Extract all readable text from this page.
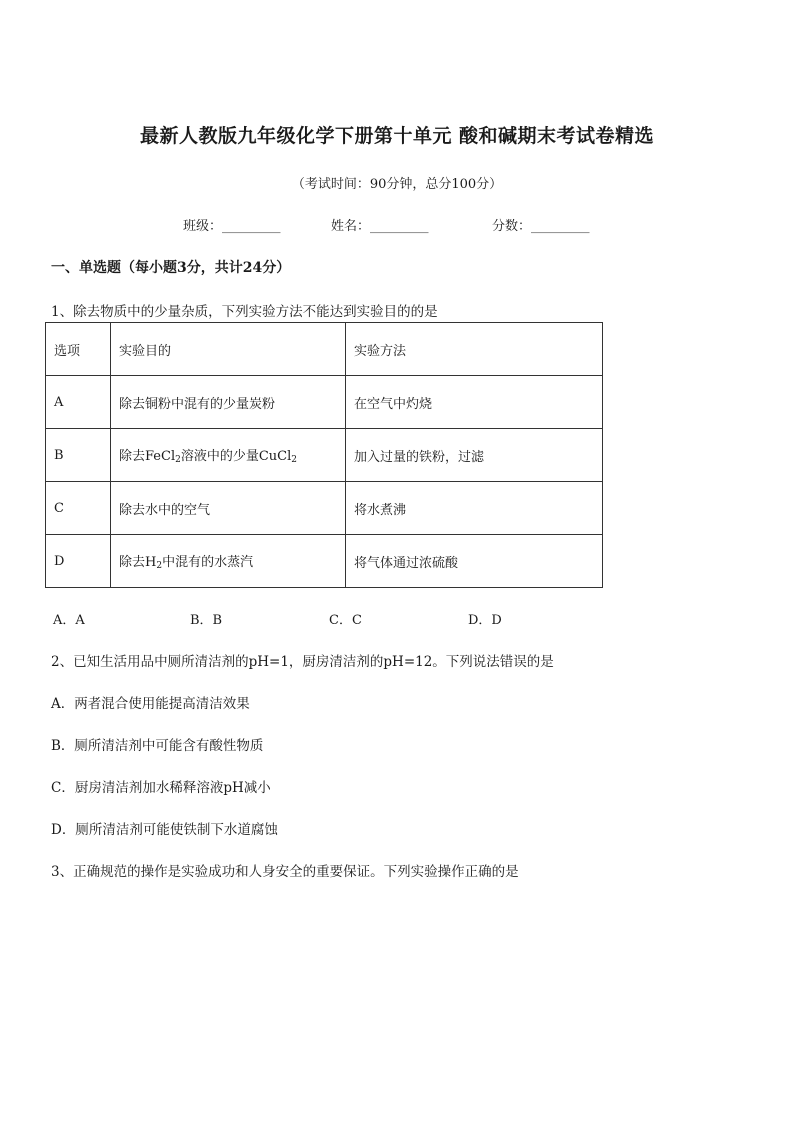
最新人教版九年级化学下册第十单元 酸和碱期末考试卷精选
（考试时间：90分钟，总分100分）
班级：_________	姓名：_________	分数：_________
一、单选题（每小题3分，共计24分）
1、除去物质中的少量杂质，下列实验方法不能达到实验目的的是
选项	实验目的	实验方法
A	除去铜粉中混有的少量炭粉	在空气中灼烧
B	除去FeCl$_2$溶液中的少量CuCl$_2$	加入过量的铁粉，过滤
C	除去水中的空气	将水煮沸
D	除去$H_2$中混有的水蒸汽	将气体通过浓硫酸
A．A	B．B	C．C	D．D
2、已知生活用品中厕所清洁剂的pH=1，厨房清洁剂的pH=12。下列说法错误的是
A．两者混合使用能提高清洁效果
B．厕所清洁剂中可能含有酸性物质
C．厨房清洁剂加水稀释溶液pH减小
D．厕所清洁剂可能使铁制下水道腐蚀
3、正确规范的操作是实验成功和人身安全的重要保证。下列实验操作正确的是
